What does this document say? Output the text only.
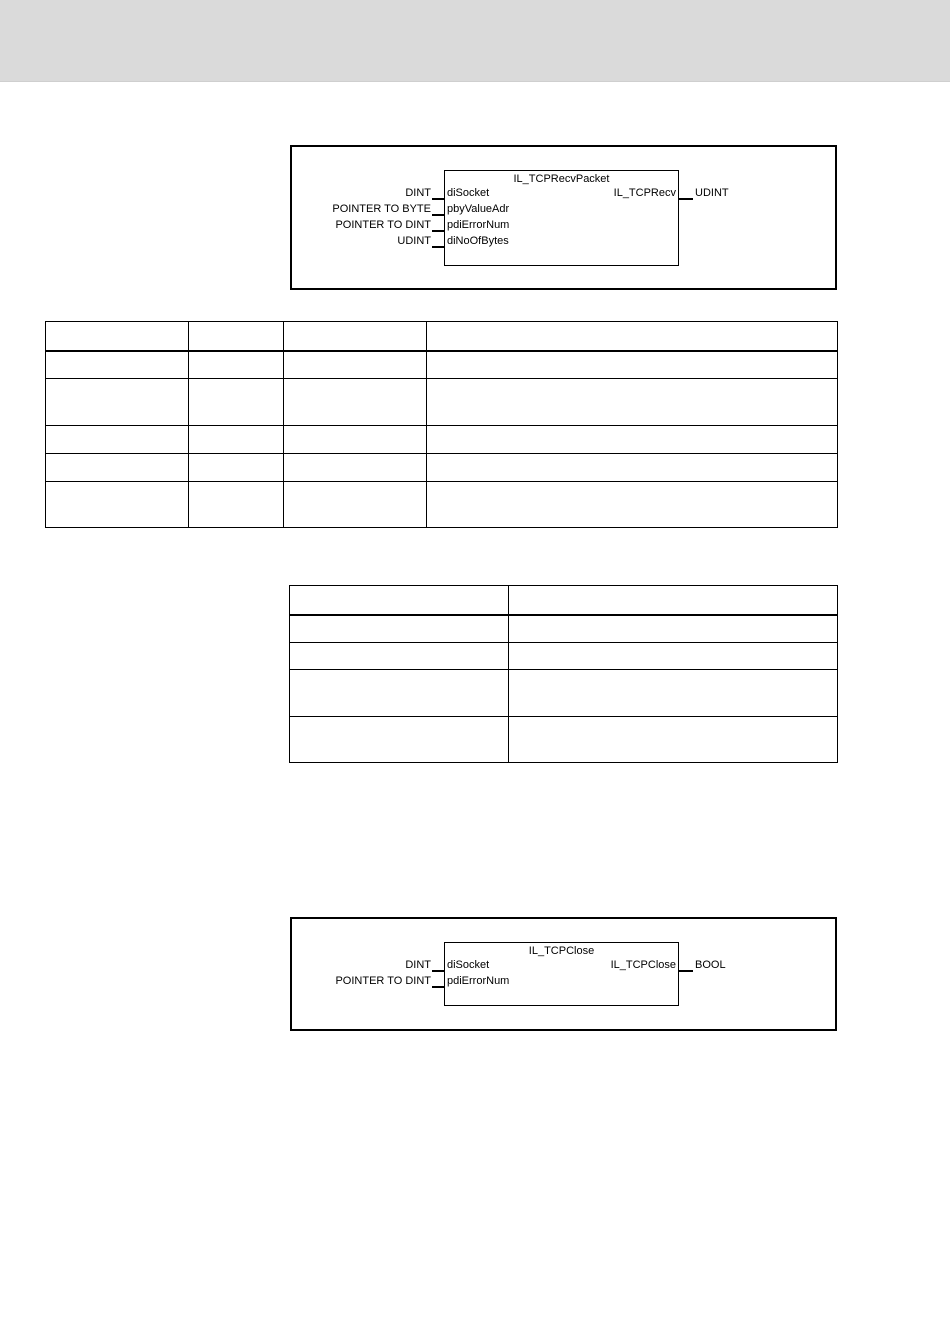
IL_TCPRecvPacket
diSocket
pbyValueAdr
pdiErrorNum
diNoOfBytes
IL_TCPRecv
DINT
POINTER TO BYTE
POINTER TO DINT
UDINT
UDINT

IL_TCPClose
diSocket
pdiErrorNum
IL_TCPClose
DINT
POINTER TO DINT
BOOL
